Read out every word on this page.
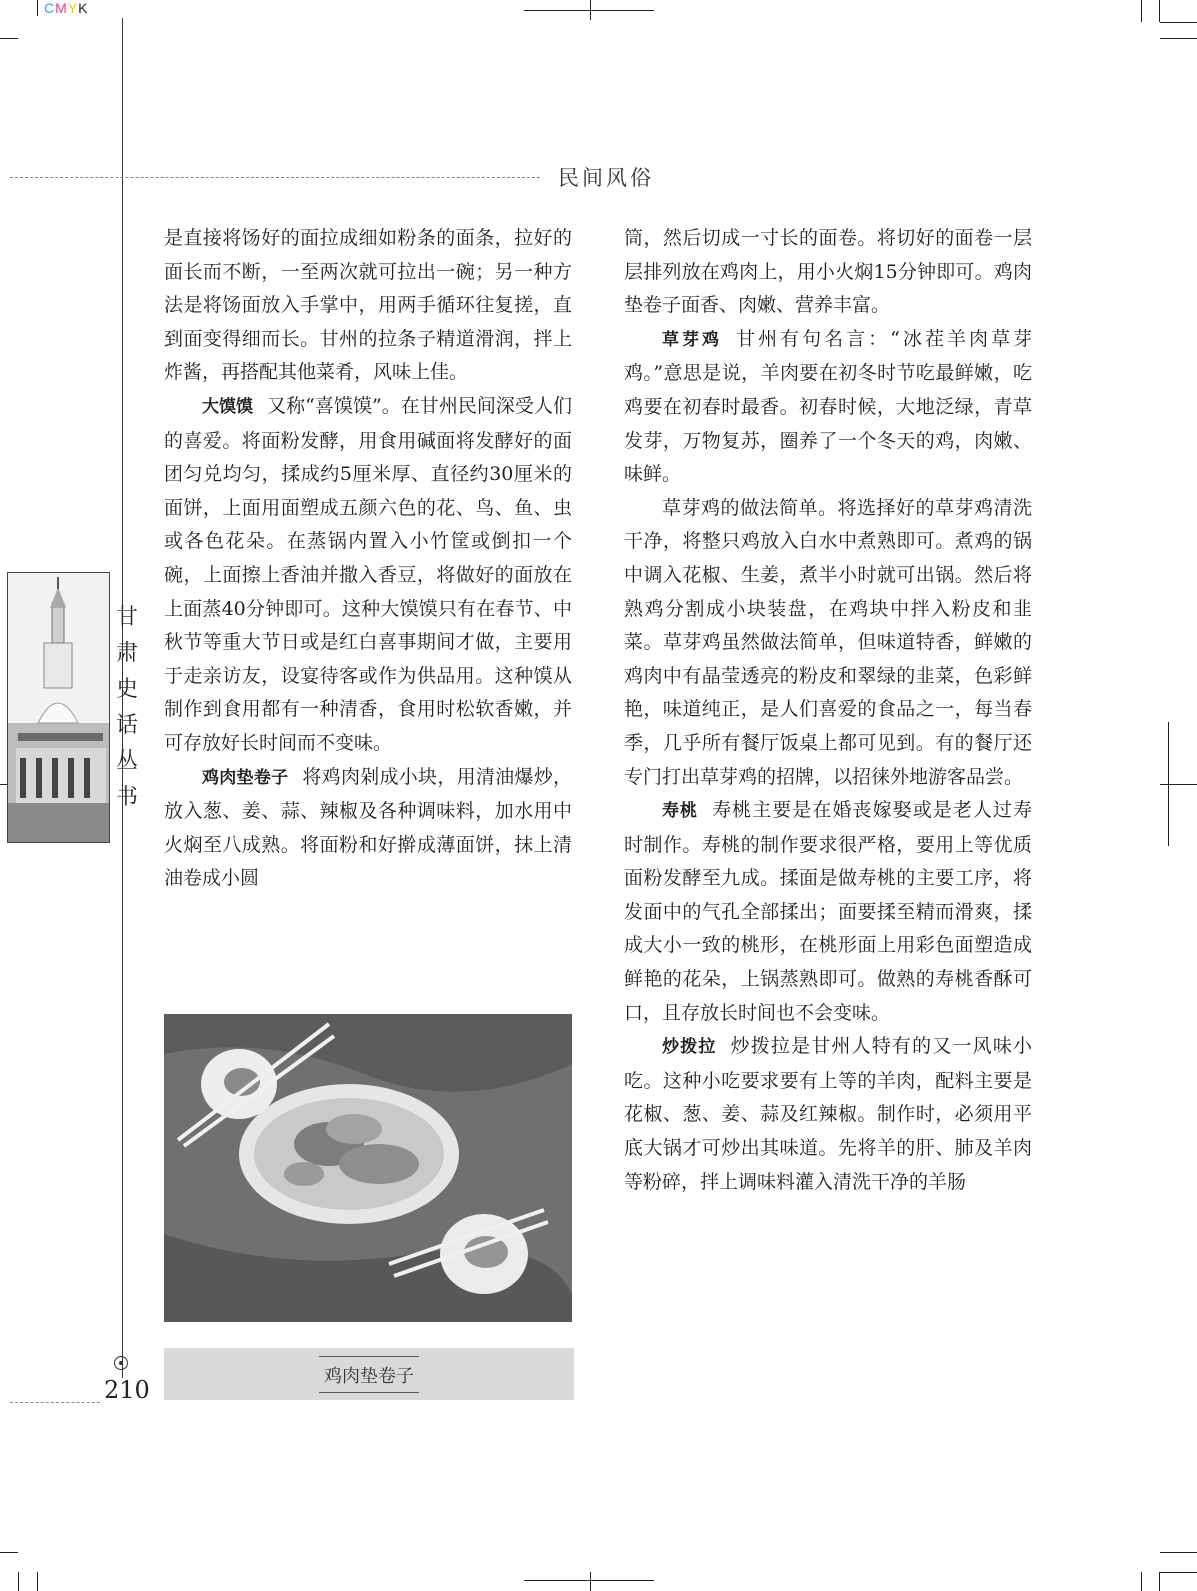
CMYK
民间风俗
甘
肃
史
话
丛
书

是直接将饧好的面拉成细如粉条的面条，拉好的面长而不断，一至两次就可拉出一碗；另一种方法是将饧面放入手掌中，用两手循环往复搓，直到面变得细而长。甘州的拉条子精道滑润，拌上炸酱，再搭配其他菜肴，风味上佳。

大馍馍 又称“喜馍馍”。在甘州民间深受人们的喜爱。将面粉发酵，用食用碱面将发酵好的面团匀兑均匀，揉成约5厘米厚、直径约30厘米的面饼，上面用面塑成五颜六色的花、鸟、鱼、虫或各色花朵。在蒸锅内置入小竹筐或倒扣一个碗，上面擦上香油并撒入香豆，将做好的面放在上面蒸40分钟即可。这种大馍馍只有在春节、中秋节等重大节日或是红白喜事期间才做，主要用于走亲访友，设宴待客或作为供品用。这种馍从制作到食用都有一种清香，食用时松软香嫩，并可存放好长时间而不变味。

鸡肉垫卷子 将鸡肉剁成小块，用清油爆炒，放入葱、姜、蒜、辣椒及各种调味料，加水用中火焖至八成熟。将面粉和好擀成薄面饼，抹上清油卷成小圆

鸡肉垫卷子

筒，然后切成一寸长的面卷。将切好的面卷一层层排列放在鸡肉上，用小火焖15分钟即可。鸡肉垫卷子面香、肉嫩、营养丰富。

草芽鸡 甘州有句名言：“冰茬羊肉草芽鸡。”意思是说，羊肉要在初冬时节吃最鲜嫩，吃鸡要在初春时最香。初春时候，大地泛绿，青草发芽，万物复苏，圈养了一个冬天的鸡，肉嫩、味鲜。

草芽鸡的做法简单。将选择好的草芽鸡清洗干净，将整只鸡放入白水中煮熟即可。煮鸡的锅中调入花椒、生姜，煮半小时就可出锅。然后将熟鸡分割成小块装盘，在鸡块中拌入粉皮和韭菜。草芽鸡虽然做法简单，但味道特香，鲜嫩的鸡肉中有晶莹透亮的粉皮和翠绿的韭菜，色彩鲜艳，味道纯正，是人们喜爱的食品之一，每当春季，几乎所有餐厅饭桌上都可见到。有的餐厅还专门打出草芽鸡的招牌，以招徕外地游客品尝。

寿桃 寿桃主要是在婚丧嫁娶或是老人过寿时制作。寿桃的制作要求很严格，要用上等优质面粉发酵至九成。揉面是做寿桃的主要工序，将发面中的气孔全部揉出；面要揉至精而滑爽，揉成大小一致的桃形，在桃形面上用彩色面塑造成鲜艳的花朵，上锅蒸熟即可。做熟的寿桃香酥可口，且存放长时间也不会变味。

炒拨拉 炒拨拉是甘州人特有的又一风味小吃。这种小吃要求要有上等的羊肉，配料主要是花椒、葱、姜、蒜及红辣椒。制作时，必须用平底大锅才可炒出其味道。先将羊的肝、肺及羊肉等粉碎，拌上调味料灌入清洗干净的羊肠

210
